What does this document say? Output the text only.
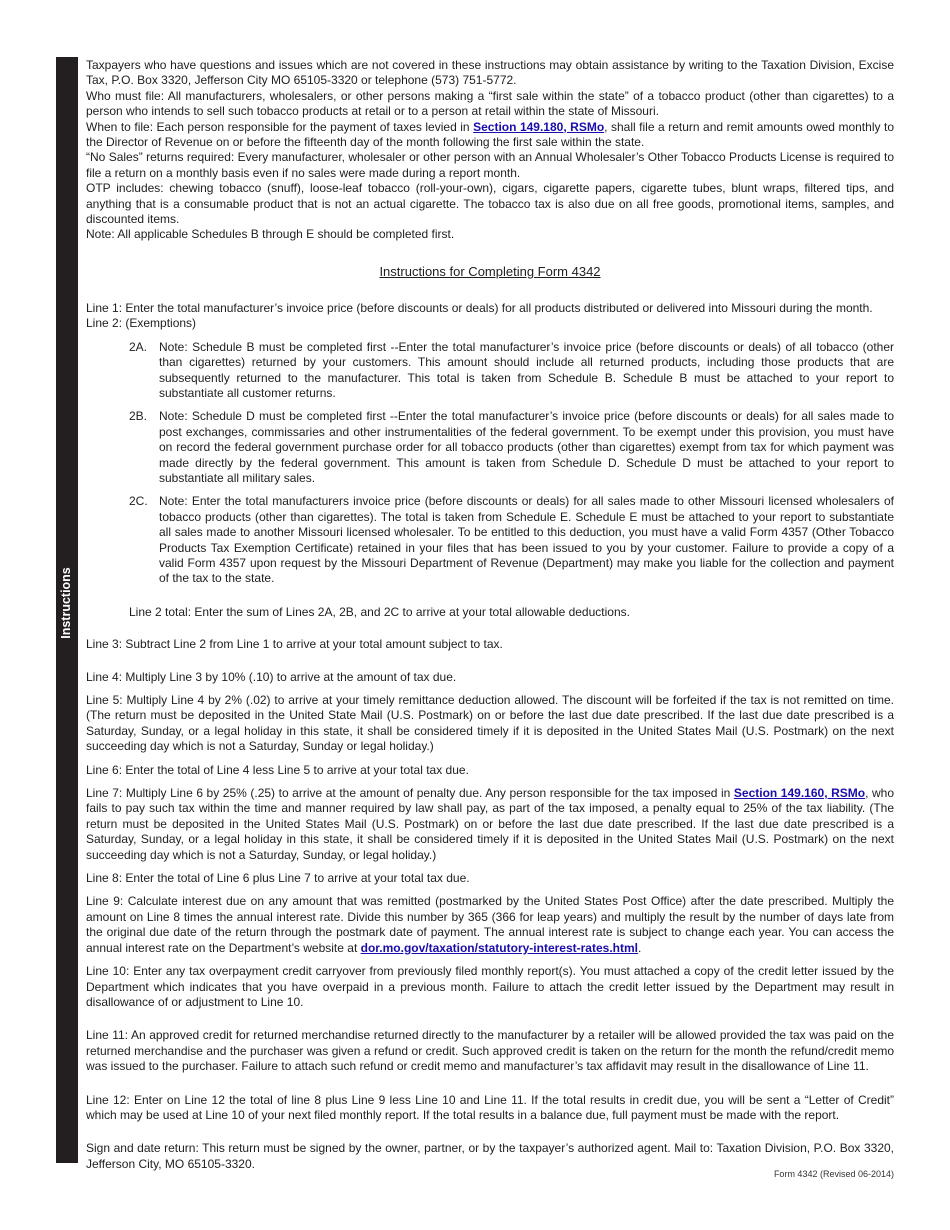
Instructions

Taxpayers who have questions and issues which are not covered in these instructions may obtain assistance by writing to the Taxation Division, Excise Tax, P.O. Box 3320, Jefferson City MO 65105-3320 or telephone (573) 751-5772.

Who must file: All manufacturers, wholesalers, or other persons making a “first sale within the state” of a tobacco product (other than cigarettes) to a person who intends to sell such tobacco products at retail or to a person at retail within the state of Missouri.

When to file: Each person responsible for the payment of taxes levied in Section 149.180, RSMo, shall file a return and remit amounts owed monthly to the Director of Revenue on or before the fifteenth day of the month following the first sale within the state.

“No Sales” returns required: Every manufacturer, wholesaler or other person with an Annual Wholesaler’s Other Tobacco Products License is required to file a return on a monthly basis even if no sales were made during a report month.

OTP includes: chewing tobacco (snuff), loose-leaf tobacco (roll-your-own), cigars, cigarette papers, cigarette tubes, blunt wraps, filtered tips, and anything that is a consumable product that is not an actual cigarette. The tobacco tax is also due on all free goods, promotional items, samples, and discounted items.

Note: All applicable Schedules B through E should be completed first.

Instructions for Completing Form 4342

Line 1: Enter the total manufacturer’s invoice price (before discounts or deals) for all products distributed or delivered into Missouri during the month.

Line 2: (Exemptions)

2A. Note: Schedule B must be completed first --Enter the total manufacturer’s invoice price (before discounts or deals) of all tobacco (other than cigarettes) returned by your customers. This amount should include all returned products, including those products that are subsequently returned to the manufacturer. This total is taken from Schedule B. Schedule B must be attached to your report to substantiate all customer returns.

2B. Note: Schedule D must be completed first --Enter the total manufacturer’s invoice price (before discounts or deals) for all sales made to post exchanges, commissaries and other instrumentalities of the federal government. To be exempt under this provision, you must have on record the federal government purchase order for all tobacco products (other than cigarettes) exempt from tax for which payment was made directly by the federal government. This amount is taken from Schedule D. Schedule D must be attached to your report to substantiate all military sales.

2C. Note: Enter the total manufacturers invoice price (before discounts or deals) for all sales made to other Missouri licensed wholesalers of tobacco products (other than cigarettes). The total is taken from Schedule E. Schedule E must be attached to your report to substantiate all sales made to another Missouri licensed wholesaler. To be entitled to this deduction, you must have a valid Form 4357 (Other Tobacco Products Tax Exemption Certificate) retained in your files that has been issued to you by your customer. Failure to provide a copy of a valid Form 4357 upon request by the Missouri Department of Revenue (Department) may make you liable for the collection and payment of the tax to the state.

Line 2 total: Enter the sum of Lines 2A, 2B, and 2C to arrive at your total allowable deductions.

Line 3: Subtract Line 2 from Line 1 to arrive at your total amount subject to tax.

Line 4: Multiply Line 3 by 10% (.10) to arrive at the amount of tax due.

Line 5: Multiply Line 4 by 2% (.02) to arrive at your timely remittance deduction allowed. The discount will be forfeited if the tax is not remitted on time. (The return must be deposited in the United State Mail (U.S. Postmark) on or before the last due date prescribed. If the last due date prescribed is a Saturday, Sunday, or a legal holiday in this state, it shall be considered timely if it is deposited in the United States Mail (U.S. Postmark) on the next succeeding day which is not a Saturday, Sunday or legal holiday.)

Line 6: Enter the total of Line 4 less Line 5 to arrive at your total tax due.

Line 7: Multiply Line 6 by 25% (.25) to arrive at the amount of penalty due. Any person responsible for the tax imposed in Section 149.160, RSMo, who fails to pay such tax within the time and manner required by law shall pay, as part of the tax imposed, a penalty equal to 25% of the tax liability. (The return must be deposited in the United States Mail (U.S. Postmark) on or before the last due date prescribed. If the last due date prescribed is a Saturday, Sunday, or a legal holiday in this state, it shall be considered timely if it is deposited in the United States Mail (U.S. Postmark) on the next succeeding day which is not a Saturday, Sunday, or legal holiday.)

Line 8: Enter the total of Line 6 plus Line 7 to arrive at your total tax due.

Line 9: Calculate interest due on any amount that was remitted (postmarked by the United States Post Office) after the date prescribed. Multiply the amount on Line 8 times the annual interest rate. Divide this number by 365 (366 for leap years) and multiply the result by the number of days late from the original due date of the return through the postmark date of payment. The annual interest rate is subject to change each year. You can access the annual interest rate on the Department’s website at dor.mo.gov/taxation/statutory-interest-rates.html.

Line 10: Enter any tax overpayment credit carryover from previously filed monthly report(s). You must attached a copy of the credit letter issued by the Department which indicates that you have overpaid in a previous month. Failure to attach the credit letter issued by the Department may result in disallowance of or adjustment to Line 10.

Line 11: An approved credit for returned merchandise returned directly to the manufacturer by a retailer will be allowed provided the tax was paid on the returned merchandise and the purchaser was given a refund or credit. Such approved credit is taken on the return for the month the refund/credit memo was issued to the purchaser. Failure to attach such refund or credit memo and manufacturer’s tax affidavit may result in the disallowance of Line 11.

Line 12: Enter on Line 12 the total of line 8 plus Line 9 less Line 10 and Line 11. If the total results in credit due, you will be sent a “Letter of Credit” which may be used at Line 10 of your next filed monthly report. If the total results in a balance due, full payment must be made with the report.

Sign and date return: This return must be signed by the owner, partner, or by the taxpayer’s authorized agent. Mail to: Taxation Division, P.O. Box 3320, Jefferson City, MO 65105-3320.

Form 4342 (Revised 06-2014)
